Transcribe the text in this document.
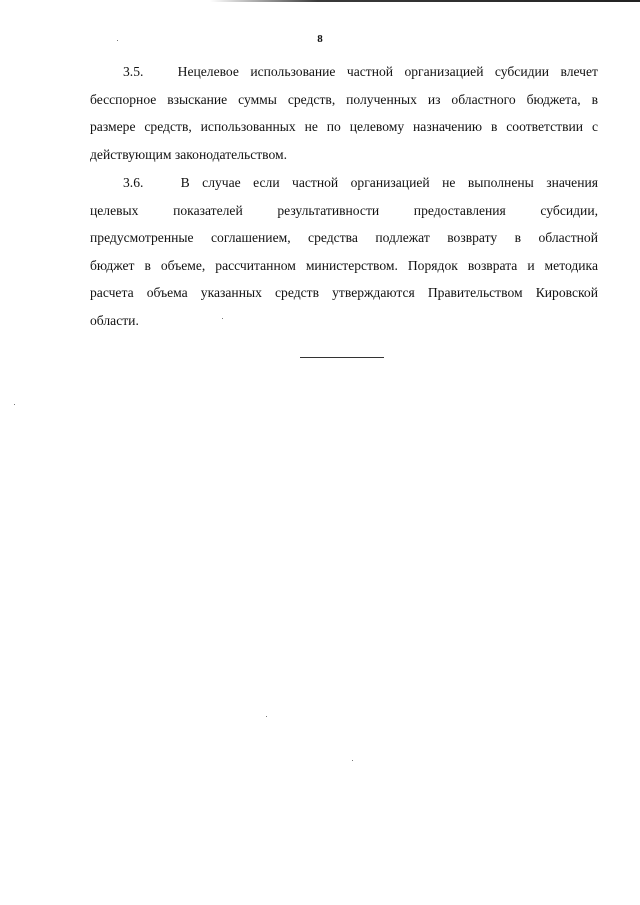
8

3.5.   Нецелевое использование частной организацией субсидии влечет
бесспорное взыскание суммы средств, полученных из областного бюджета, в
размере средств, использованных не по целевому назначению в соответствии с
действующим законодательством.

3.6.   В случае если частной организацией не выполнены значения
целевых показателей результативности предоставления субсидии,
предусмотренные соглашением, средства подлежат возврату в областной
бюджет в объеме, рассчитанном министерством. Порядок возврата и методика
расчета объема указанных средств утверждаются Правительством Кировской
области.
